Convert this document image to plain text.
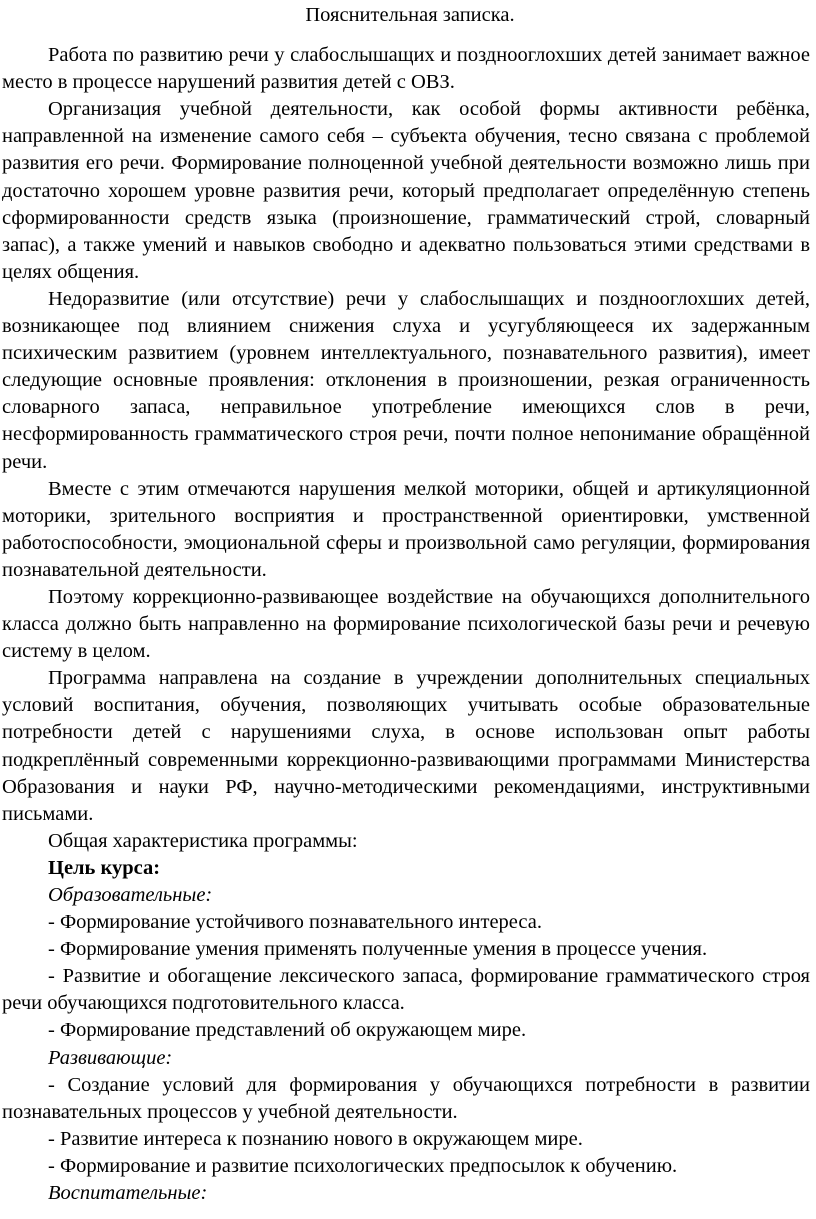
Пояснительная записка.

Работа по развитию речи у слабослышащих и позднооглохших детей занимает важное место в процессе нарушений развития детей с ОВЗ.

Организация учебной деятельности, как особой формы активности ребёнка, направленной на изменение самого себя – субъекта обучения, тесно связана с проблемой развития его речи. Формирование полноценной учебной деятельности возможно лишь при достаточно хорошем уровне развития речи, который предполагает определённую степень сформированности средств языка (произношение, грамматический строй, словарный запас), а также умений и навыков свободно и адекватно пользоваться этими средствами в целях общения.

Недоразвитие (или отсутствие) речи у слабослышащих и позднооглохших детей, возникающее под влиянием снижения слуха и усугубляющееся их задержанным психическим развитием (уровнем интеллектуального, познавательного развития), имеет следующие основные проявления: отклонения в произношении, резкая ограниченность словарного запаса, неправильное употребление имеющихся слов в речи, несформированность грамматического строя речи, почти полное непонимание обращённой речи.

Вместе с этим отмечаются нарушения мелкой моторики, общей и артикуляционной моторики, зрительного восприятия и пространственной ориентировки, умственной работоспособности, эмоциональной сферы и произвольной само регуляции, формирования познавательной деятельности.

Поэтому коррекционно-развивающее воздействие на обучающихся дополнительного класса должно быть направленно на формирование психологической базы речи и речевую систему в целом.

Программа направлена на создание в учреждении дополнительных специальных условий воспитания, обучения, позволяющих учитывать особые образовательные потребности детей с нарушениями слуха, в основе использован опыт работы подкреплённый современными коррекционно-развивающими программами Министерства Образования и науки РФ, научно-методическими рекомендациями, инструктивными письмами.

Общая характеристика программы:

Цель курса:

Образовательные:

- Формирование устойчивого познавательного интереса.

- Формирование умения применять полученные умения в процессе учения.

- Развитие и обогащение лексического запаса, формирование грамматического строя речи обучающихся подготовительного класса.

- Формирование представлений об окружающем мире.

Развивающие:

- Создание условий для формирования у обучающихся потребности в развитии познавательных процессов у учебной деятельности.

- Развитие интереса к познанию нового в окружающем мире.

- Формирование и развитие психологических предпосылок к обучению.

Воспитательные:
